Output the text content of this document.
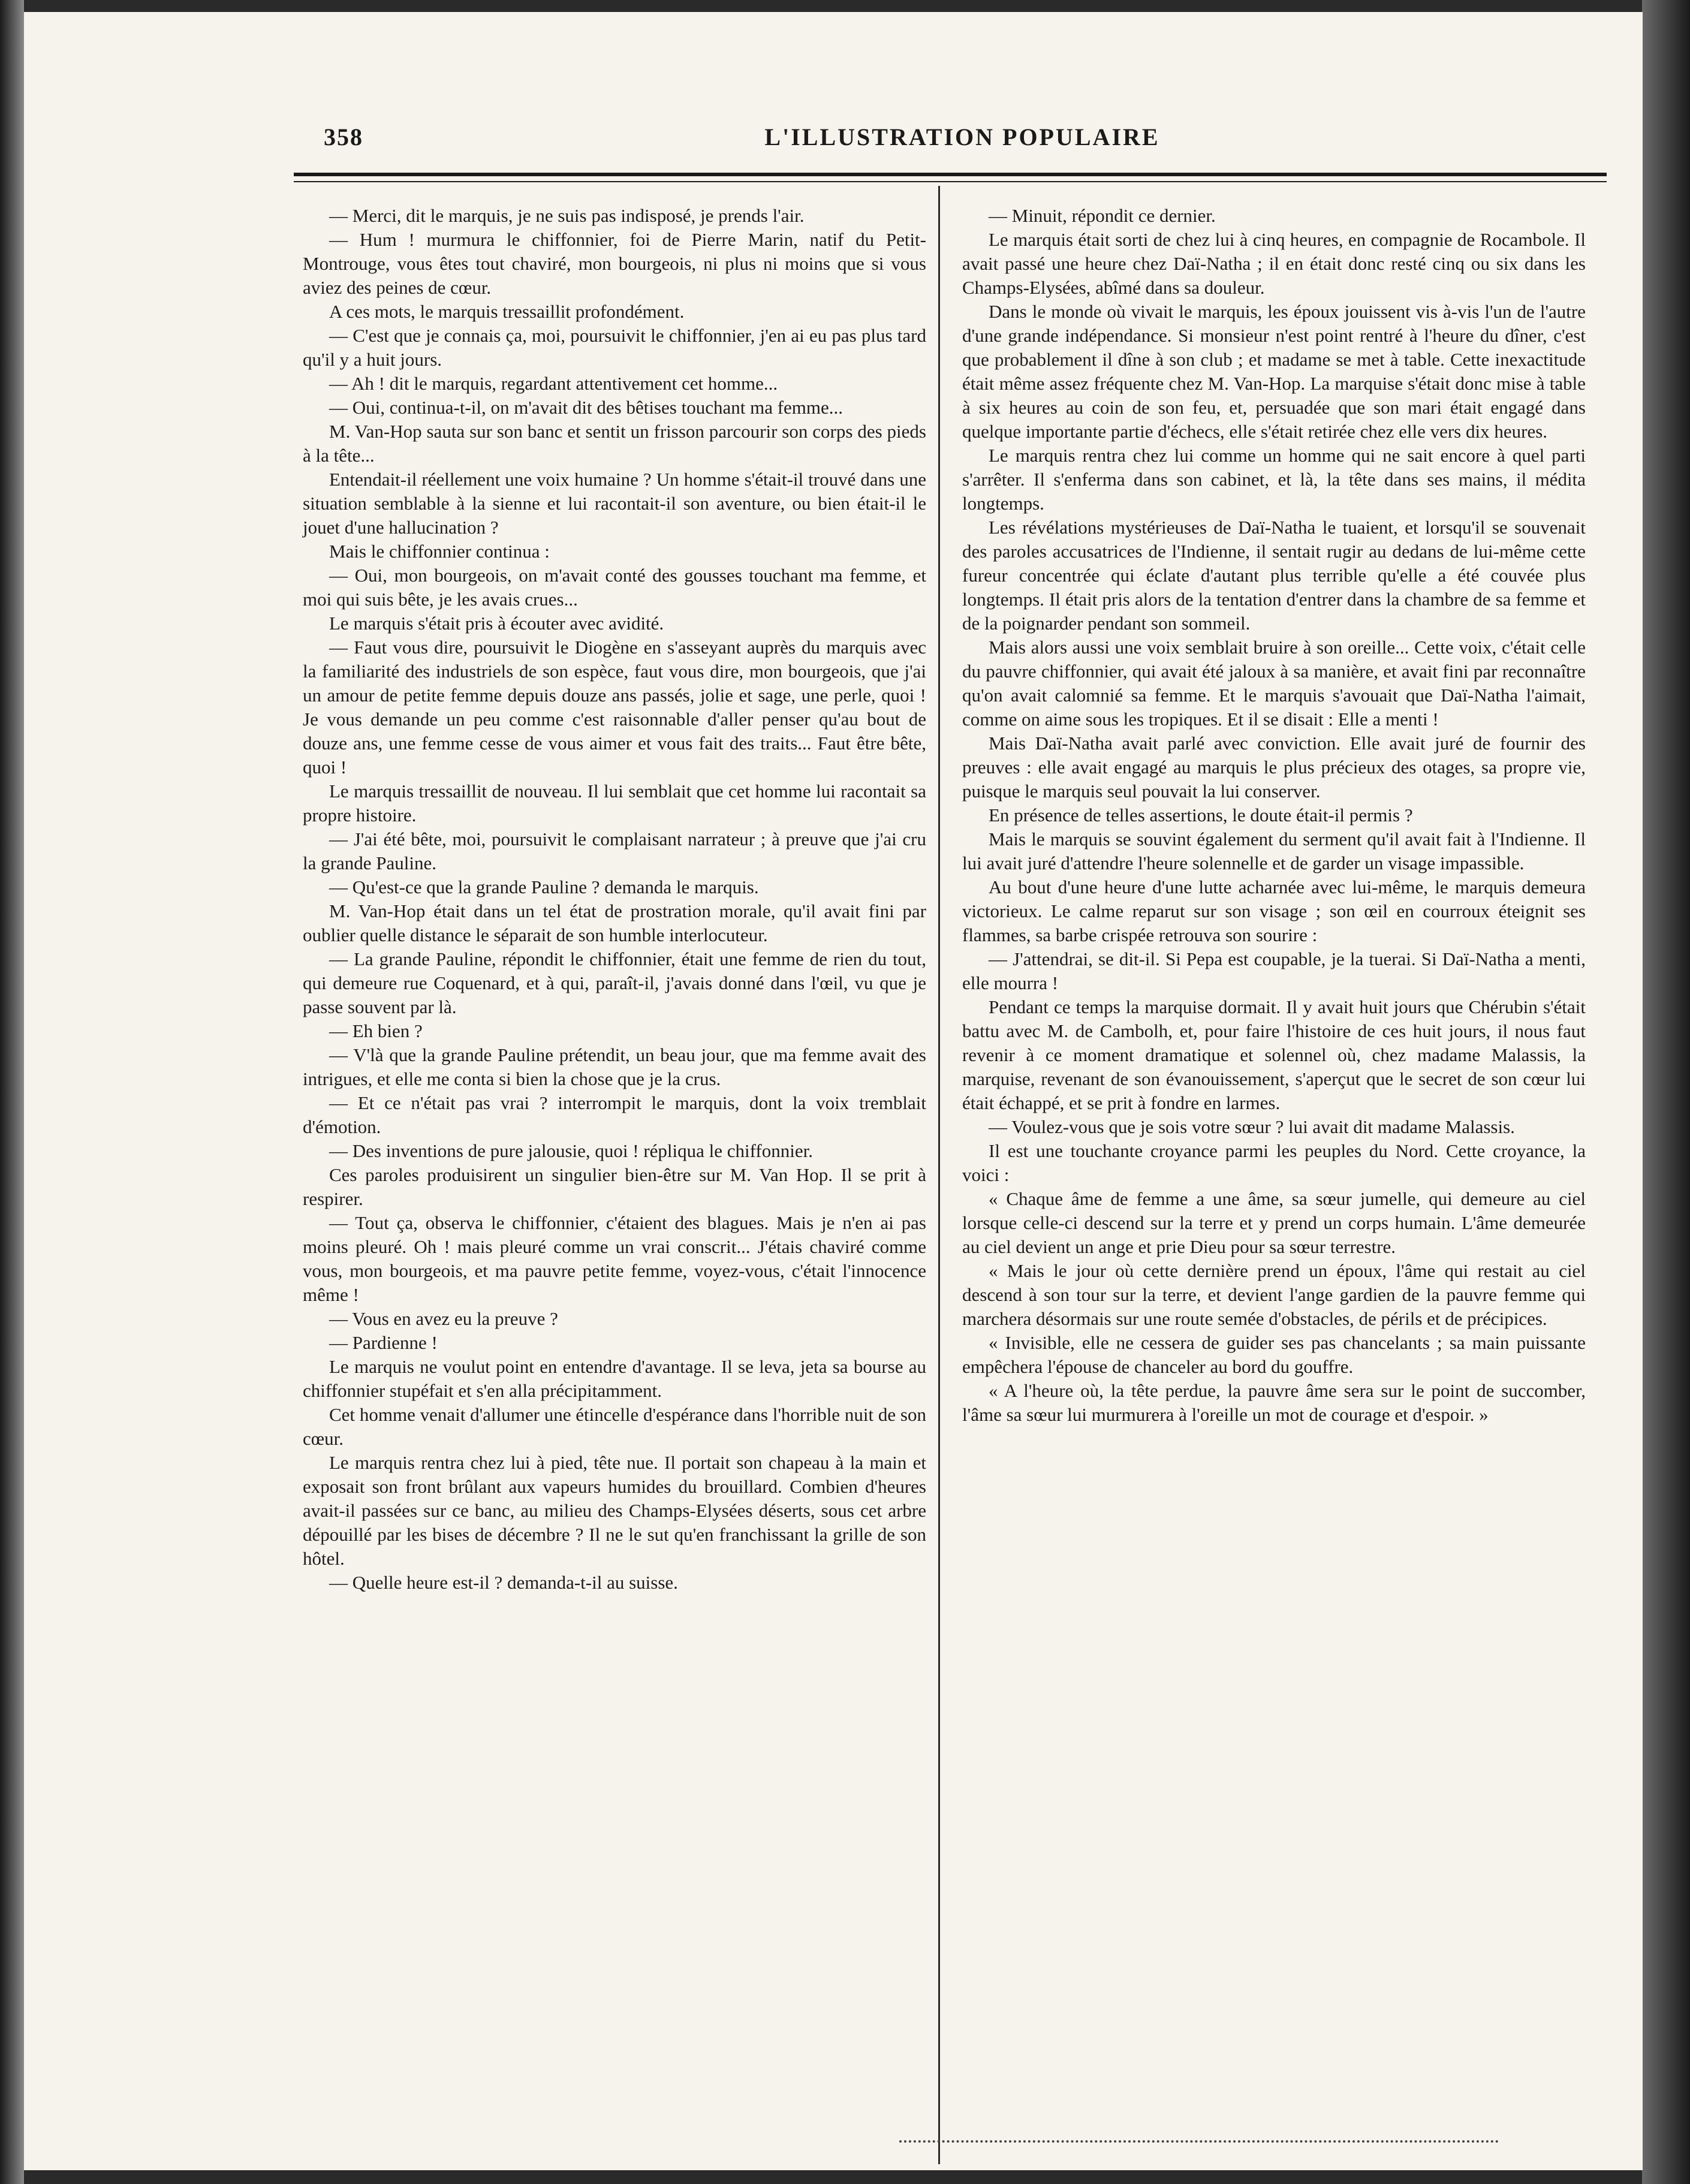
358	L'ILLUSTRATION POPULAIRE

— Merci, dit le marquis, je ne suis pas indisposé, je prends l'air.

— Hum ! murmura le chiffonnier, foi de Pierre Marin, natif du Petit-Montrouge, vous êtes tout chaviré, mon bourgeois, ni plus ni moins que si vous aviez des peines de cœur.

A ces mots, le marquis tressaillit profondément.

— C'est que je connais ça, moi, poursuivit le chiffonnier, j'en ai eu pas plus tard qu'il y a huit jours.

— Ah ! dit le marquis, regardant attentivement cet homme...

— Oui, continua-t-il, on m'avait dit des bêtises touchant ma femme...

M. Van-Hop sauta sur son banc et sentit un frisson parcourir son corps des pieds à la tête...

Entendait-il réellement une voix humaine ? Un homme s'était-il trouvé dans une situation semblable à la sienne et lui racontait-il son aventure, ou bien était-il le jouet d'une hallucination ?

Mais le chiffonnier continua :

— Oui, mon bourgeois, on m'avait conté des gousses touchant ma femme, et moi qui suis bête, je les avais crues...

Le marquis s'était pris à écouter avec avidité.

— Faut vous dire, poursuivit le Diogène en s'asseyant auprès du marquis avec la familiarité des industriels de son espèce, faut vous dire, mon bourgeois, que j'ai un amour de petite femme depuis douze ans passés, jolie et sage, une perle, quoi ! Je vous demande un peu comme c'est raisonnable d'aller penser qu'au bout de douze ans, une femme cesse de vous aimer et vous fait des traits... Faut être bête, quoi !

Le marquis tressaillit de nouveau. Il lui semblait que cet homme lui racontait sa propre histoire.

— J'ai été bête, moi, poursuivit le complaisant narrateur ; à preuve que j'ai cru la grande Pauline.

— Qu'est-ce que la grande Pauline ? demanda le marquis.

M. Van-Hop était dans un tel état de prostration morale, qu'il avait fini par oublier quelle distance le séparait de son humble interlocuteur.

— La grande Pauline, répondit le chiffonnier, était une femme de rien du tout, qui demeure rue Coquenard, et à qui, paraît-il, j'avais donné dans l'œil, vu que je passe souvent par là.

— Eh bien ?

— V'là que la grande Pauline prétendit, un beau jour, que ma femme avait des intrigues, et elle me conta si bien la chose que je la crus.

— Et ce n'était pas vrai ? interrompit le marquis, dont la voix tremblait d'émotion.

— Des inventions de pure jalousie, quoi ! répliqua le chiffonnier.

Ces paroles produisirent un singulier bien-être sur M. Van Hop. Il se prit à respirer.

— Tout ça, observa le chiffonnier, c'étaient des blagues. Mais je n'en ai pas moins pleuré. Oh ! mais pleuré comme un vrai conscrit... J'étais chaviré comme vous, mon bourgeois, et ma pauvre petite femme, voyez-vous, c'était l'innocence même !

— Vous en avez eu la preuve ?

— Pardienne !

Le marquis ne voulut point en entendre d'avantage. Il se leva, jeta sa bourse au chiffonnier stupéfait et s'en alla précipitamment.

Cet homme venait d'allumer une étincelle d'espérance dans l'horrible nuit de son cœur.

Le marquis rentra chez lui à pied, tête nue. Il portait son chapeau à la main et exposait son front brûlant aux vapeurs humides du brouillard. Combien d'heures avait-il passées sur ce banc, au milieu des Champs-Elysées déserts, sous cet arbre dépouillé par les bises de décembre ? Il ne le sut qu'en franchissant la grille de son hôtel.

— Quelle heure est-il ? demanda-t-il au suisse.

— Minuit, répondit ce dernier.

Le marquis était sorti de chez lui à cinq heures, en compagnie de Rocambole. Il avait passé une heure chez Daï-Natha ; il en était donc resté cinq ou six dans les Champs-Elysées, abîmé dans sa douleur.

Dans le monde où vivait le marquis, les époux jouissent vis à-vis l'un de l'autre d'une grande indépendance. Si monsieur n'est point rentré à l'heure du dîner, c'est que probablement il dîne à son club ; et madame se met à table. Cette inexactitude était même assez fréquente chez M. Van-Hop. La marquise s'était donc mise à table à six heures au coin de son feu, et, persuadée que son mari était engagé dans quelque importante partie d'échecs, elle s'était retirée chez elle vers dix heures.

Le marquis rentra chez lui comme un homme qui ne sait encore à quel parti s'arrêter. Il s'enferma dans son cabinet, et là, la tête dans ses mains, il médita longtemps.

Les révélations mystérieuses de Daï-Natha le tuaient, et lorsqu'il se souvenait des paroles accusatrices de l'Indienne, il sentait rugir au dedans de lui-même cette fureur concentrée qui éclate d'autant plus terrible qu'elle a été couvée plus longtemps. Il était pris alors de la tentation d'entrer dans la chambre de sa femme et de la poignarder pendant son sommeil.

Mais alors aussi une voix semblait bruire à son oreille... Cette voix, c'était celle du pauvre chiffonnier, qui avait été jaloux à sa manière, et avait fini par reconnaître qu'on avait calomnié sa femme. Et le marquis s'avouait que Daï-Natha l'aimait, comme on aime sous les tropiques. Et il se disait : Elle a menti !

Mais Daï-Natha avait parlé avec conviction. Elle avait juré de fournir des preuves : elle avait engagé au marquis le plus précieux des otages, sa propre vie, puisque le marquis seul pouvait la lui conserver.

En présence de telles assertions, le doute était-il permis ?

Mais le marquis se souvint également du serment qu'il avait fait à l'Indienne. Il lui avait juré d'attendre l'heure solennelle et de garder un visage impassible.

Au bout d'une heure d'une lutte acharnée avec lui-même, le marquis demeura victorieux. Le calme reparut sur son visage ; son œil en courroux éteignit ses flammes, sa barbe crispée retrouva son sourire :

— J'attendrai, se dit-il. Si Pepa est coupable, je la tuerai. Si Daï-Natha a menti, elle mourra !

Pendant ce temps la marquise dormait. Il y avait huit jours que Chérubin s'était battu avec M. de Cambolh, et, pour faire l'histoire de ces huit jours, il nous faut revenir à ce moment dramatique et solennel où, chez madame Malassis, la marquise, revenant de son évanouissement, s'aperçut que le secret de son cœur lui était échappé, et se prit à fondre en larmes.

— Voulez-vous que je sois votre sœur ? lui avait dit madame Malassis.

Il est une touchante croyance parmi les peuples du Nord. Cette croyance, la voici :

« Chaque âme de femme a une âme, sa sœur jumelle, qui demeure au ciel lorsque celle-ci descend sur la terre et y prend un corps humain. L'âme demeurée au ciel devient un ange et prie Dieu pour sa sœur terrestre.

« Mais le jour où cette dernière prend un époux, l'âme qui restait au ciel descend à son tour sur la terre, et devient l'ange gardien de la pauvre femme qui marchera désormais sur une route semée d'obstacles, de périls et de précipices.

« Invisible, elle ne cessera de guider ses pas chancelants ; sa main puissante empêchera l'épouse de chanceler au bord du gouffre.

« A l'heure où, la tête perdue, la pauvre âme sera sur le point de succomber, l'âme sa sœur lui murmurera à l'oreille un mot de courage et d'espoir. »
